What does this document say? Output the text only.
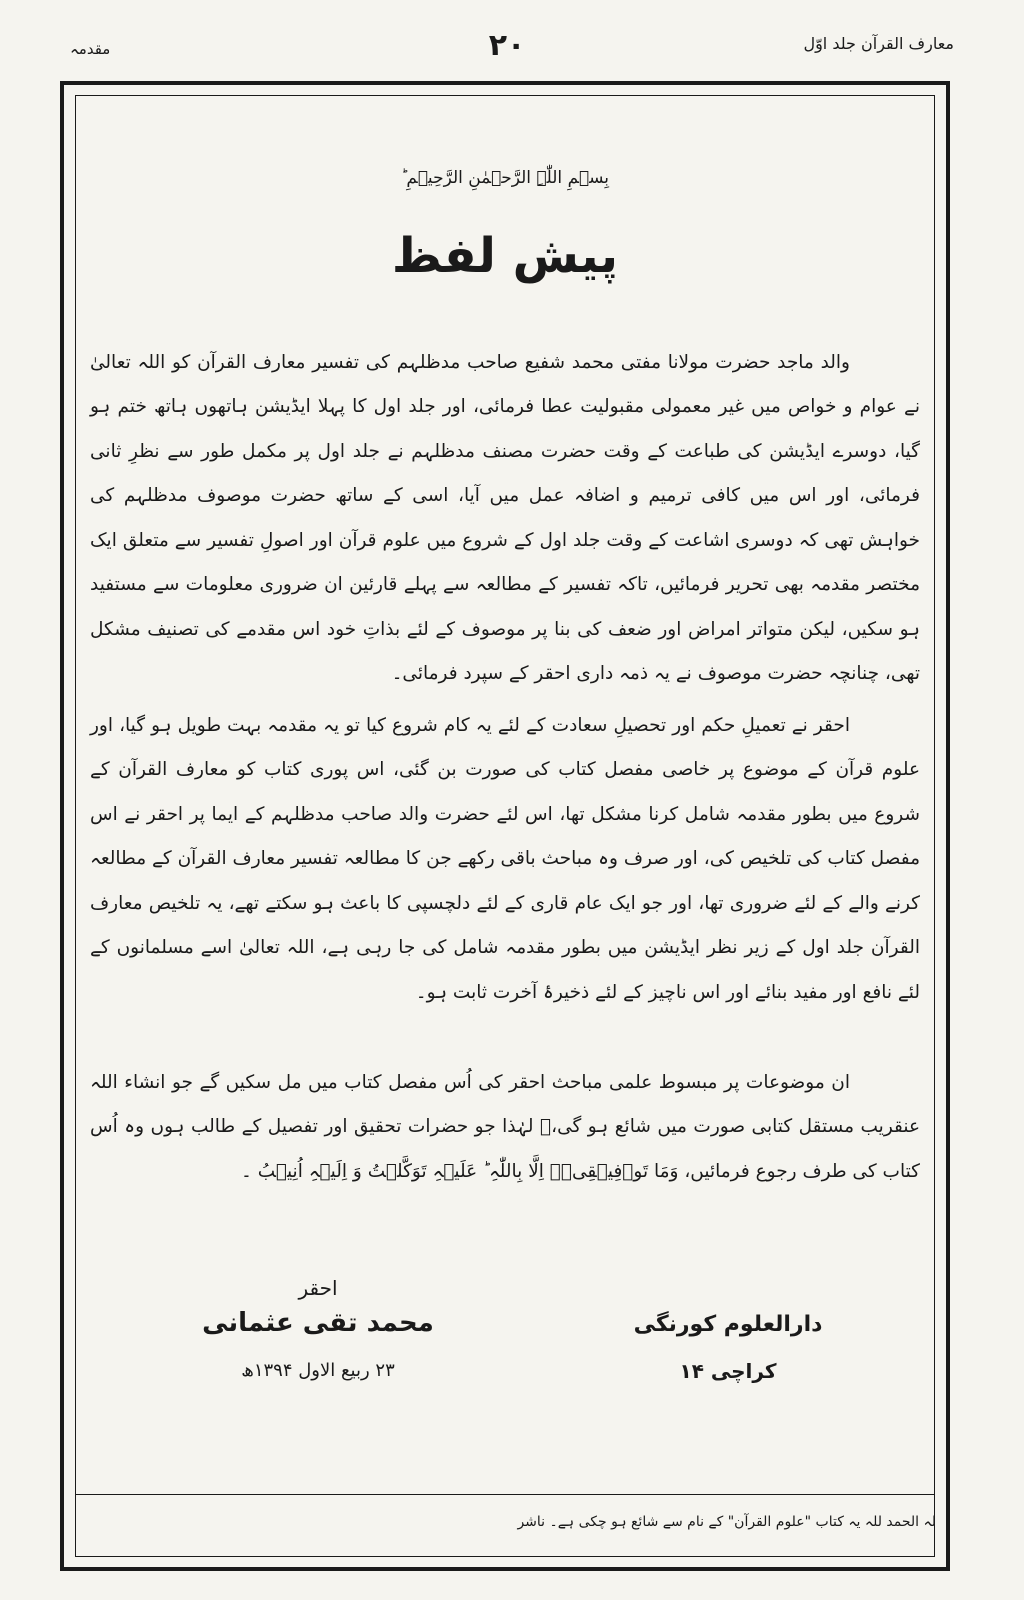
مقدمہ	۲۰	معارف القرآن جلد اوّل
بِسۡمِ اللّٰہِ الرَّحۡمٰنِ الرَّحِیۡمِ ؕ
پیش لفظ

والد ماجد حضرت مولانا مفتی محمد شفیع صاحب مدظلہم کی تفسیر معارف القرآن کو اللہ تعالیٰ نے عوام و خواص میں غیر معمولی مقبولیت عطا فرمائی، اور جلد اول کا پہلا ایڈیشن ہاتھوں ہاتھ ختم ہو گیا، دوسرے ایڈیشن کی طباعت کے وقت حضرت مصنف مدظلہم نے جلد اول پر مکمل طور سے نظرِ ثانی فرمائی، اور اس میں کافی ترمیم و اضافہ عمل میں آیا، اسی کے ساتھ حضرت موصوف مدظلہم کی خواہش تھی کہ دوسری اشاعت کے وقت جلد اول کے شروع میں علوم قرآن اور اصولِ تفسیر سے متعلق ایک مختصر مقدمہ بھی تحریر فرمائیں، تاکہ تفسیر کے مطالعہ سے پہلے قارئین ان ضروری معلومات سے مستفید ہو سکیں، لیکن متواتر امراض اور ضعف کی بنا پر موصوف کے لئے بذاتِ خود اس مقدمے کی تصنیف مشکل تھی، چنانچہ حضرت موصوف نے یہ ذمہ داری احقر کے سپرد فرمائی۔

احقر نے تعمیلِ حکم اور تحصیلِ سعادت کے لئے یہ کام شروع کیا تو یہ مقدمہ بہت طویل ہو گیا، اور علوم قرآن کے موضوع پر خاصی مفصل کتاب کی صورت بن گئی، اس پوری کتاب کو معارف القرآن کے شروع میں بطور مقدمہ شامل کرنا مشکل تھا، اس لئے حضرت والد صاحب مدظلہم کے ایما پر احقر نے اس مفصل کتاب کی تلخیص کی، اور صرف وہ مباحث باقی رکھے جن کا مطالعہ تفسیر معارف القرآن کے مطالعہ کرنے والے کے لئے ضروری تھا، اور جو ایک عام قاری کے لئے دلچسپی کا باعث ہو سکتے تھے، یہ تلخیص معارف القرآن جلد اول کے زیر نظر ایڈیشن میں بطور مقدمہ شامل کی جا رہی ہے، اللہ تعالیٰ اسے مسلمانوں کے لئے نافع اور مفید بنائے اور اس ناچیز کے لئے ذخیرۂ آخرت ثابت ہو۔

ان موضوعات پر مبسوط علمی مباحث احقر کی اُس مفصل کتاب میں مل سکیں گے جو انشاء اللہ عنقریب مستقل کتابی صورت میں شائع ہو گی،ؔ لہٰذا جو حضرات تحقیق اور تفصیل کے طالب ہوں وہ اُس کتاب کی طرف رجوع فرمائیں، وَمَا تَوۡفِیۡقِیۡۤ اِلَّا بِاللّٰہِ ؕ عَلَیۡہِ تَوَکَّلۡتُ وَ اِلَیۡہِ اُنِیۡبُ ۔

احقر
محمد تقی عثمانی
۲۳ ربیع الاول ۱۳۹۴ھ
دارالعلوم کورنگی
کراچی ۱۴
لہ الحمد للہ یہ کتاب "علوم القرآن" کے نام سے شائع ہو چکی ہے۔ ناشر
